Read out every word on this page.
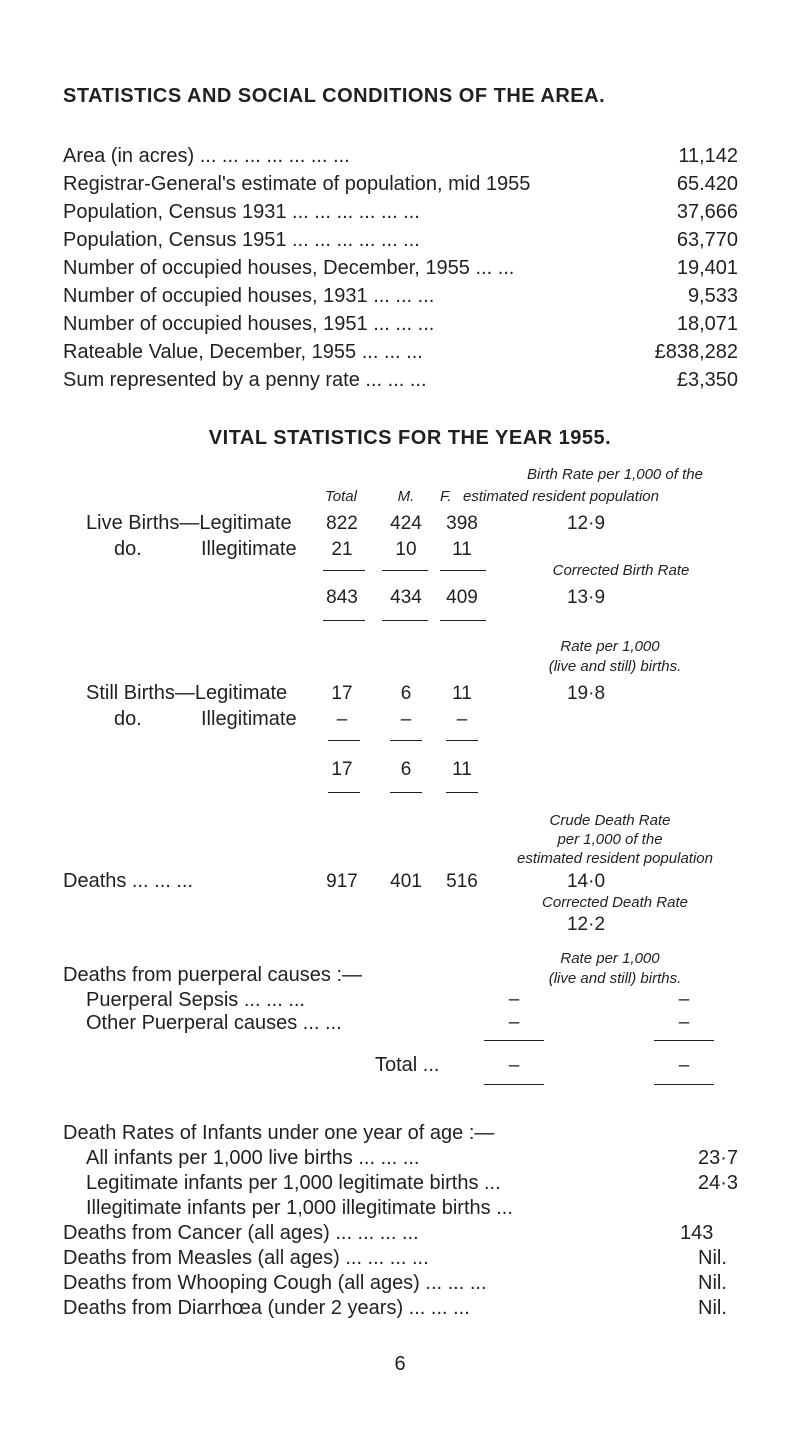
STATISTICS AND SOCIAL CONDITIONS OF THE AREA.
Area (in acres) ... ... ... ... ... ... ...	11,142
Registrar-General's estimate of population, mid 1955	65.420
Population, Census 1931 ... ... ... ... ... ...	37,666
Population, Census 1951 ... ... ... ... ... ...	63,770
Number of occupied houses, December, 1955 ... ...	19,401
Number of occupied houses, 1931 ... ... ...	9,533
Number of occupied houses, 1951 ... ... ...	18,071
Rateable Value, December, 1955 ... ... ...	£838,282
Sum represented by a penny rate ... ... ...	£3,350
VITAL STATISTICS FOR THE YEAR 1955.
Total	M.	F.
Birth Rate per 1,000 of the
estimated resident population
Live Births—Legitimate	822	424	398	12·9
do.	Illegitimate	21	10	11
Corrected Birth Rate
843	434	409	13·9
Rate per 1,000
(live and still) births.
Still Births—Legitimate	17	6	11	19·8
do.	Illegitimate	–	–	–
17	6	11
Crude Death Rate
per 1,000 of the
estimated resident population
Deaths ... ... ...	917	401	516	14·0
Corrected Death Rate
12·2
Rate per 1,000
(live and still) births.
Deaths from puerperal causes :—
Puerperal Sepsis ... ... ...	–	–
Other Puerperal causes ... ...	–	–
Total ...	–	–
Death Rates of Infants under one year of age :—
All infants per 1,000 live births ... ... ...	23·7
Legitimate infants per 1,000 legitimate births ...	24·3
Illegitimate infants per 1,000 illegitimate births ...
Deaths from Cancer (all ages) ... ... ... ...	143
Deaths from Measles (all ages) ... ... ... ...	Nil.
Deaths from Whooping Cough (all ages) ... ... ...	Nil.
Deaths from Diarrhœa (under 2 years) ... ... ...	Nil.
6
